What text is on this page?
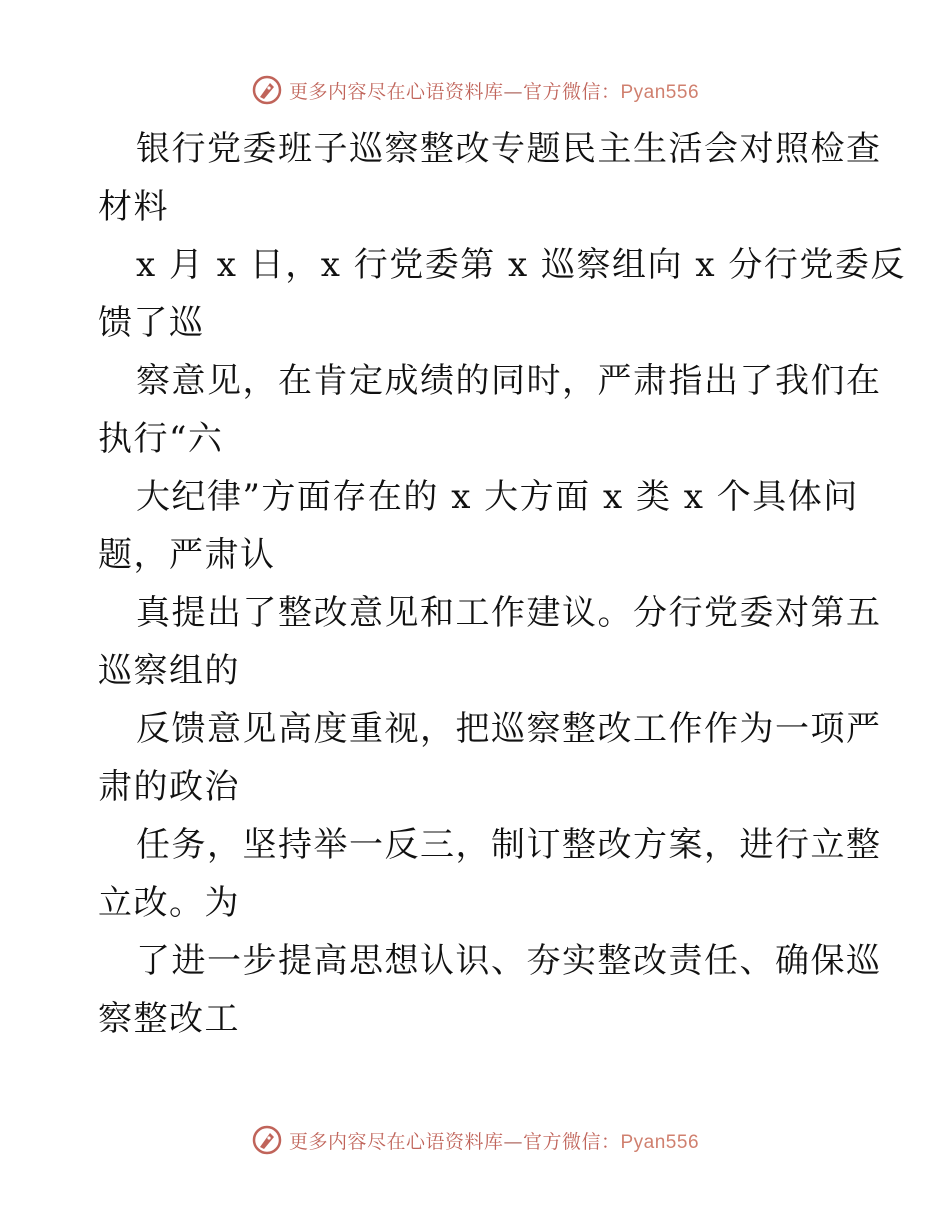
更多内容尽在心语资料库—官方微信：Pyan556
银行党委班子巡察整改专题民主生活会对照检查
材料
x 月 x 日，x 行党委第 x 巡察组向 x 分行党委反
馈了巡
察意见，在肯定成绩的同时，严肃指出了我们在
执行“六
大纪律”方面存在的 x 大方面 x 类 x 个具体问
题，严肃认
真提出了整改意见和工作建议。分行党委对第五
巡察组的
反馈意见高度重视，把巡察整改工作作为一项严
肃的政治
任务，坚持举一反三，制订整改方案，进行立整
立改。为
了进一步提高思想认识、夯实整改责任、确保巡
察整改工
更多内容尽在心语资料库—官方微信：Pyan556
